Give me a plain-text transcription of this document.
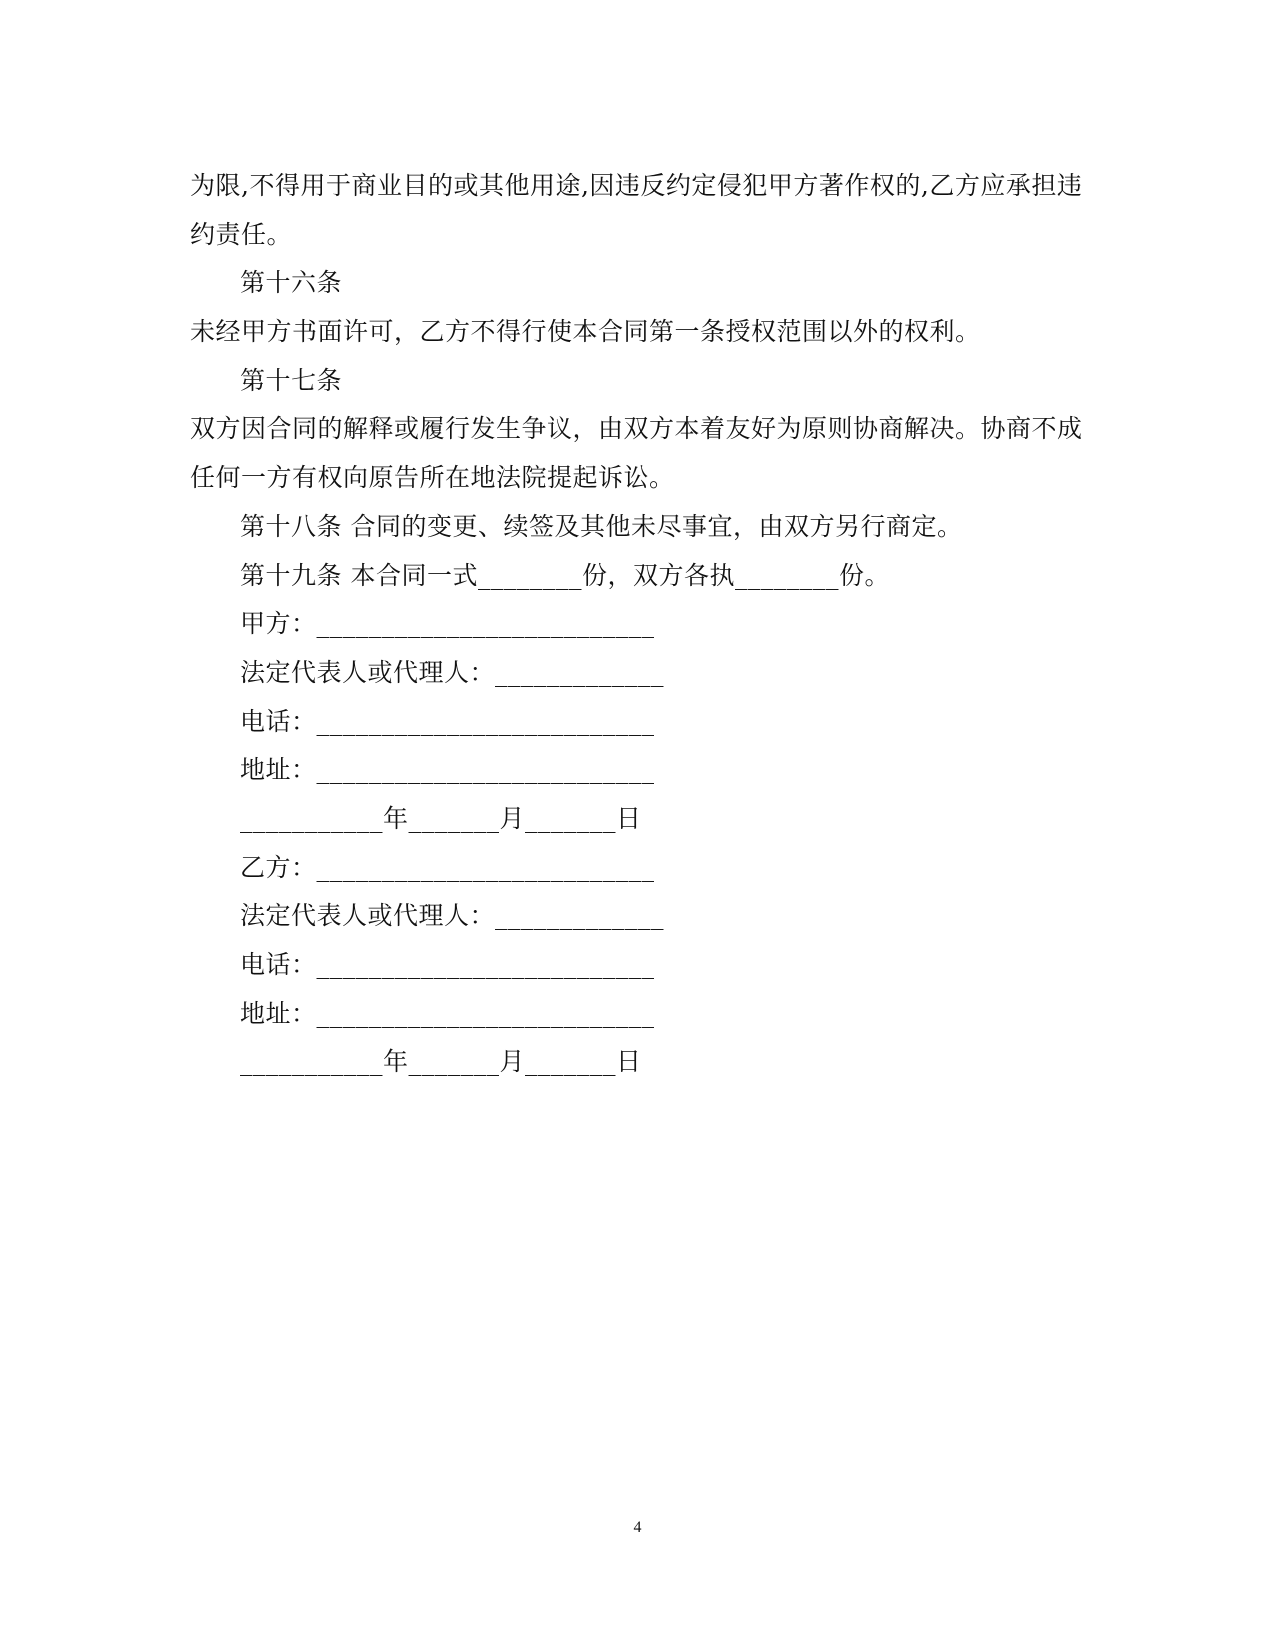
为限,不得用于商业目的或其他用途,因违反约定侵犯甲方著作权的,乙方应承担违
约责任。
第十六条
未经甲方书面许可，乙方不得行使本合同第一条授权范围以外的权利。
第十七条
双方因合同的解释或履行发生争议，由双方本着友好为原则协商解决。协商不成
任何一方有权向原告所在地法院提起诉讼。
第十八条 合同的变更、续签及其他未尽事宜，由双方另行商定。
第十九条 本合同一式________份，双方各执________份。
甲方：__________________________
法定代表人或代理人：_____________
电话：__________________________
地址：__________________________
___________年_______月_______日
乙方：__________________________
法定代表人或代理人：_____________
电话：__________________________
地址：__________________________
___________年_______月_______日
4
